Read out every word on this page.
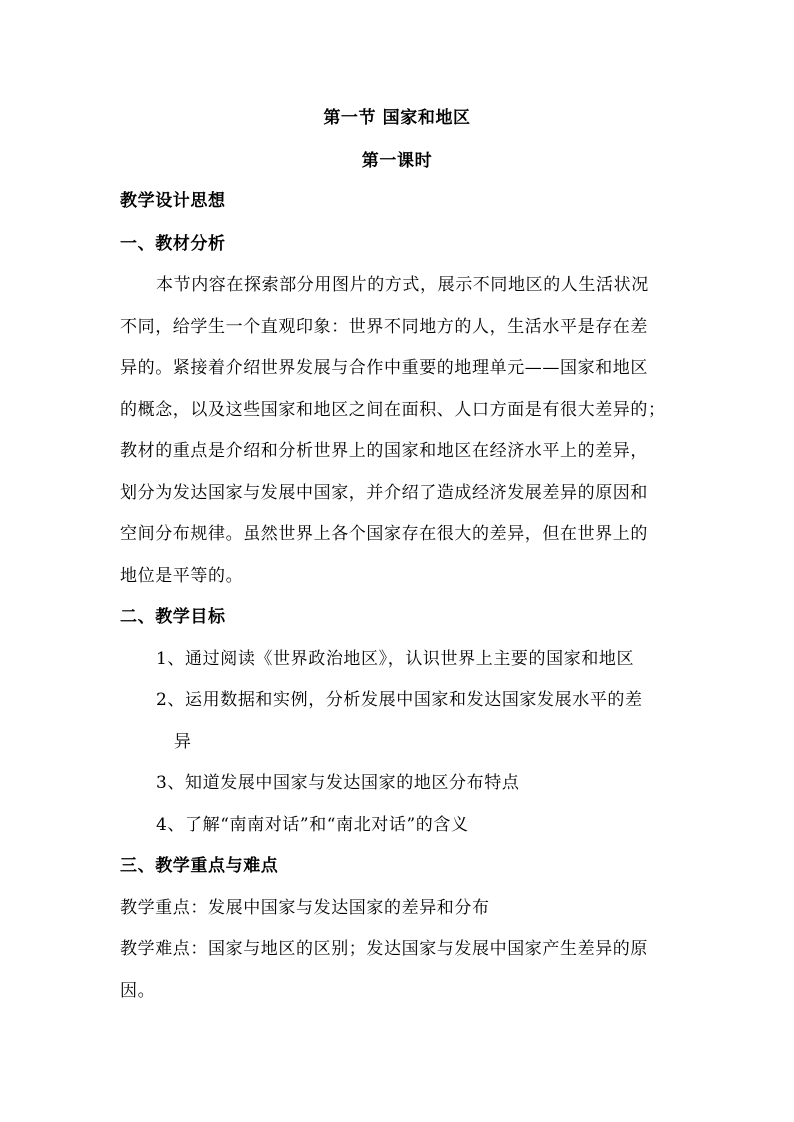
第一节 国家和地区
第一课时
教学设计思想
一、教材分析
本节内容在探索部分用图片的方式，展示不同地区的人生活状况
不同，给学生一个直观印象：世界不同地方的人，生活水平是存在差
异的。紧接着介绍世界发展与合作中重要的地理单元——国家和地区
的概念，以及这些国家和地区之间在面积、人口方面是有很大差异的；
教材的重点是介绍和分析世界上的国家和地区在经济水平上的差异，
划分为发达国家与发展中国家，并介绍了造成经济发展差异的原因和
空间分布规律。虽然世界上各个国家存在很大的差异，但在世界上的
地位是平等的。
二、教学目标
1、通过阅读《世界政治地区》，认识世界上主要的国家和地区
2、运用数据和实例，分析发展中国家和发达国家发展水平的差
异
3、知道发展中国家与发达国家的地区分布特点
4、了解“南南对话”和“南北对话”的含义
三、教学重点与难点
教学重点：发展中国家与发达国家的差异和分布
教学难点：国家与地区的区别；发达国家与发展中国家产生差异的原
因。
